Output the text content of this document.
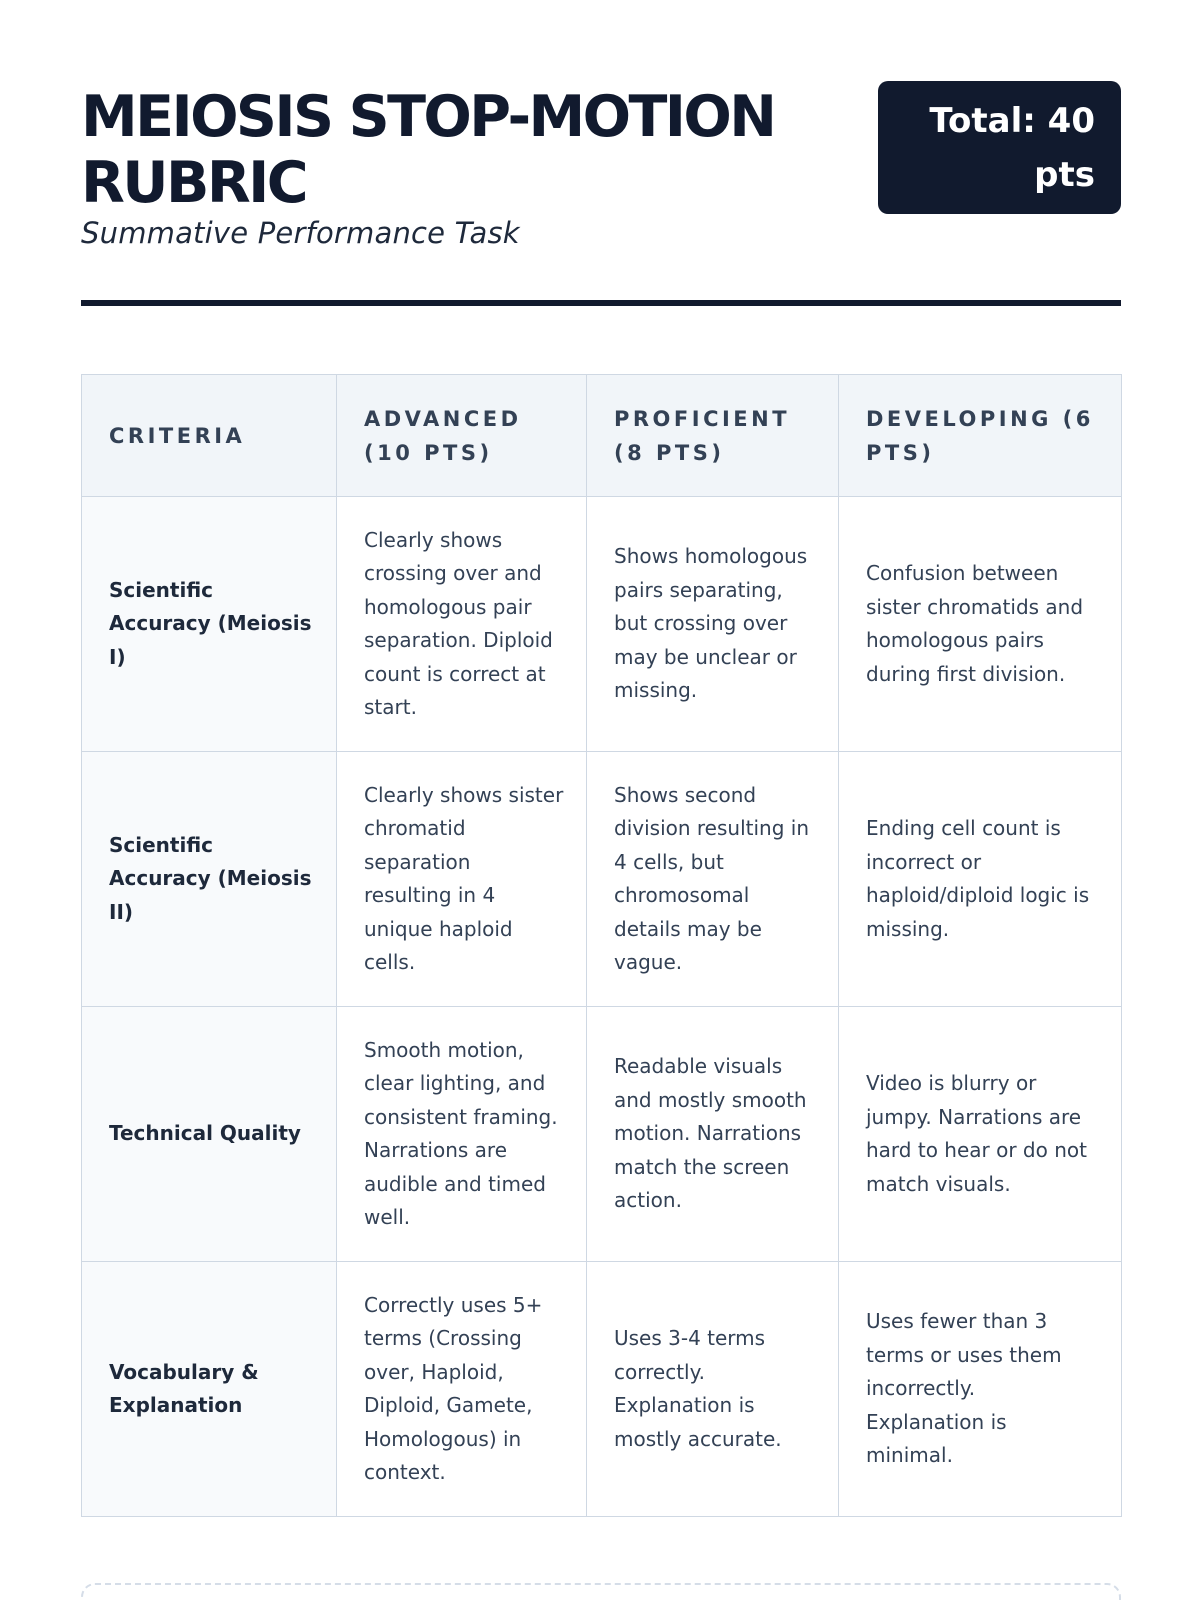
MEIOSIS STOP-MOTION RUBRIC
Summative Performance Task
Total: 40
pts
CRITERIA	ADVANCED (10 PTS)	PROFICIENT (8 PTS)	DEVELOPING (6 PTS)
Scientific Accuracy (Meiosis I)	Clearly shows crossing over and homologous pair separation. Diploid count is correct at start.	Shows homologous pairs separating, but crossing over may be unclear or missing.	Confusion between sister chromatids and homologous pairs during first division.
Scientific Accuracy (Meiosis II)	Clearly shows sister chromatid separation resulting in 4 unique haploid cells.	Shows second division resulting in 4 cells, but chromosomal details may be vague.	Ending cell count is incorrect or haploid/diploid logic is missing.
Technical Quality	Smooth motion, clear lighting, and consistent framing. Narrations are audible and timed well.	Readable visuals and mostly smooth motion. Narrations match the screen action.	Video is blurry or jumpy. Narrations are hard to hear or do not match visuals.
Vocabulary & Explanation	Correctly uses 5+ terms (Crossing over, Haploid, Diploid, Gamete, Homologous) in context.	Uses 3-4 terms correctly. Explanation is mostly accurate.	Uses fewer than 3 terms or uses them incorrectly. Explanation is minimal.
